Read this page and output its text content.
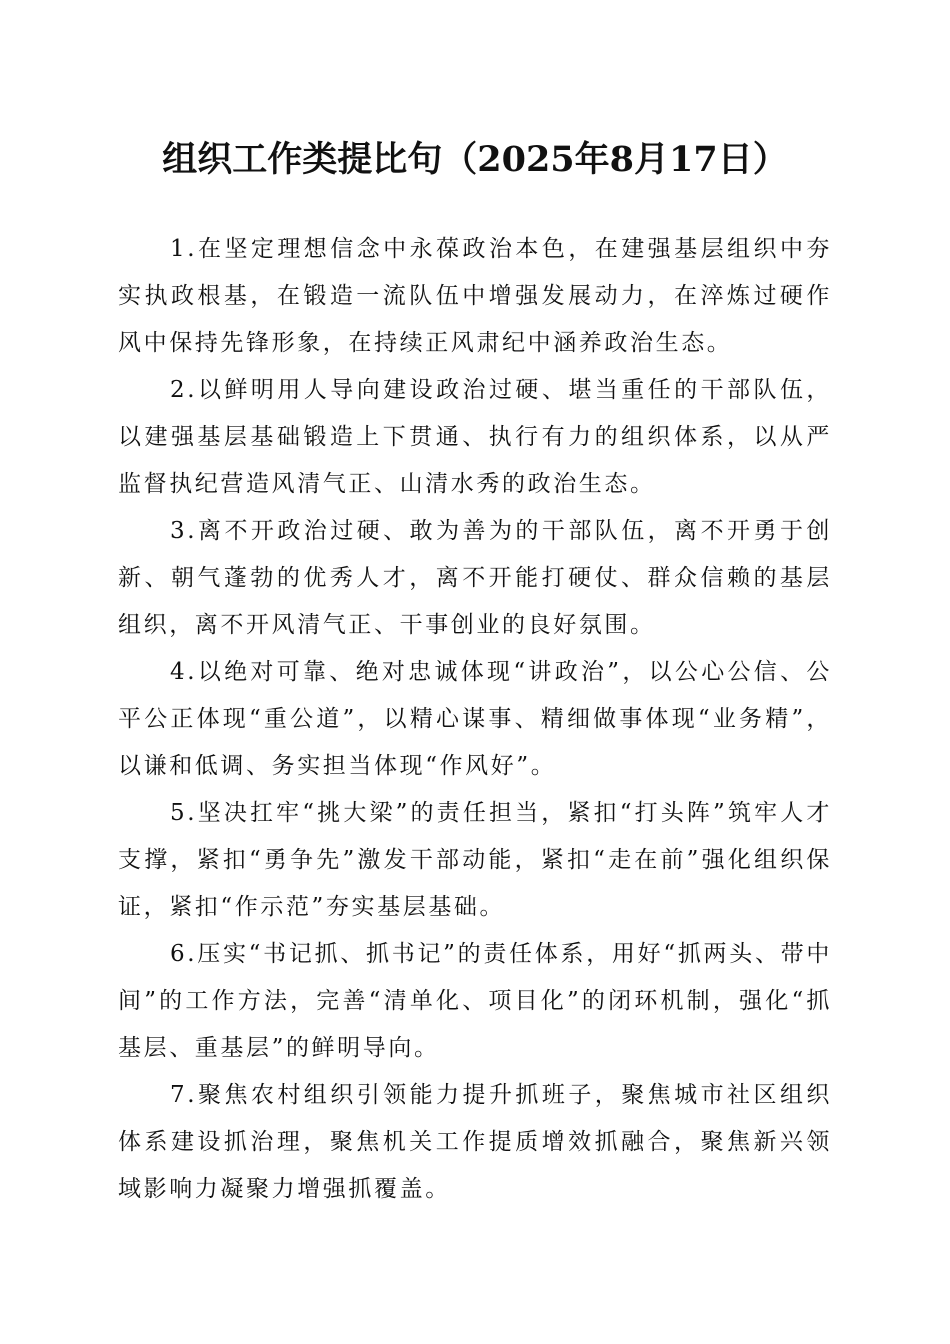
组织工作类提比句（2025年8月17日）

1.在坚定理想信念中永葆政治本色，在建强基层组织中夯实执政根基，在锻造一流队伍中增强发展动力，在淬炼过硬作风中保持先锋形象，在持续正风肃纪中涵养政治生态。

2.以鲜明用人导向建设政治过硬、堪当重任的干部队伍，以建强基层基础锻造上下贯通、执行有力的组织体系，以从严监督执纪营造风清气正、山清水秀的政治生态。

3.离不开政治过硬、敢为善为的干部队伍，离不开勇于创新、朝气蓬勃的优秀人才，离不开能打硬仗、群众信赖的基层组织，离不开风清气正、干事创业的良好氛围。

4.以绝对可靠、绝对忠诚体现“讲政治”，以公心公信、公平公正体现“重公道”，以精心谋事、精细做事体现“业务精”，以谦和低调、务实担当体现“作风好”。

5.坚决扛牢“挑大梁”的责任担当，紧扣“打头阵”筑牢人才支撑，紧扣“勇争先”激发干部动能，紧扣“走在前”强化组织保证，紧扣“作示范”夯实基层基础。

6.压实“书记抓、抓书记”的责任体系，用好“抓两头、带中间”的工作方法，完善“清单化、项目化”的闭环机制，强化“抓基层、重基层”的鲜明导向。

7.聚焦农村组织引领能力提升抓班子，聚焦城市社区组织体系建设抓治理，聚焦机关工作提质增效抓融合，聚焦新兴领域影响力凝聚力增强抓覆盖。
